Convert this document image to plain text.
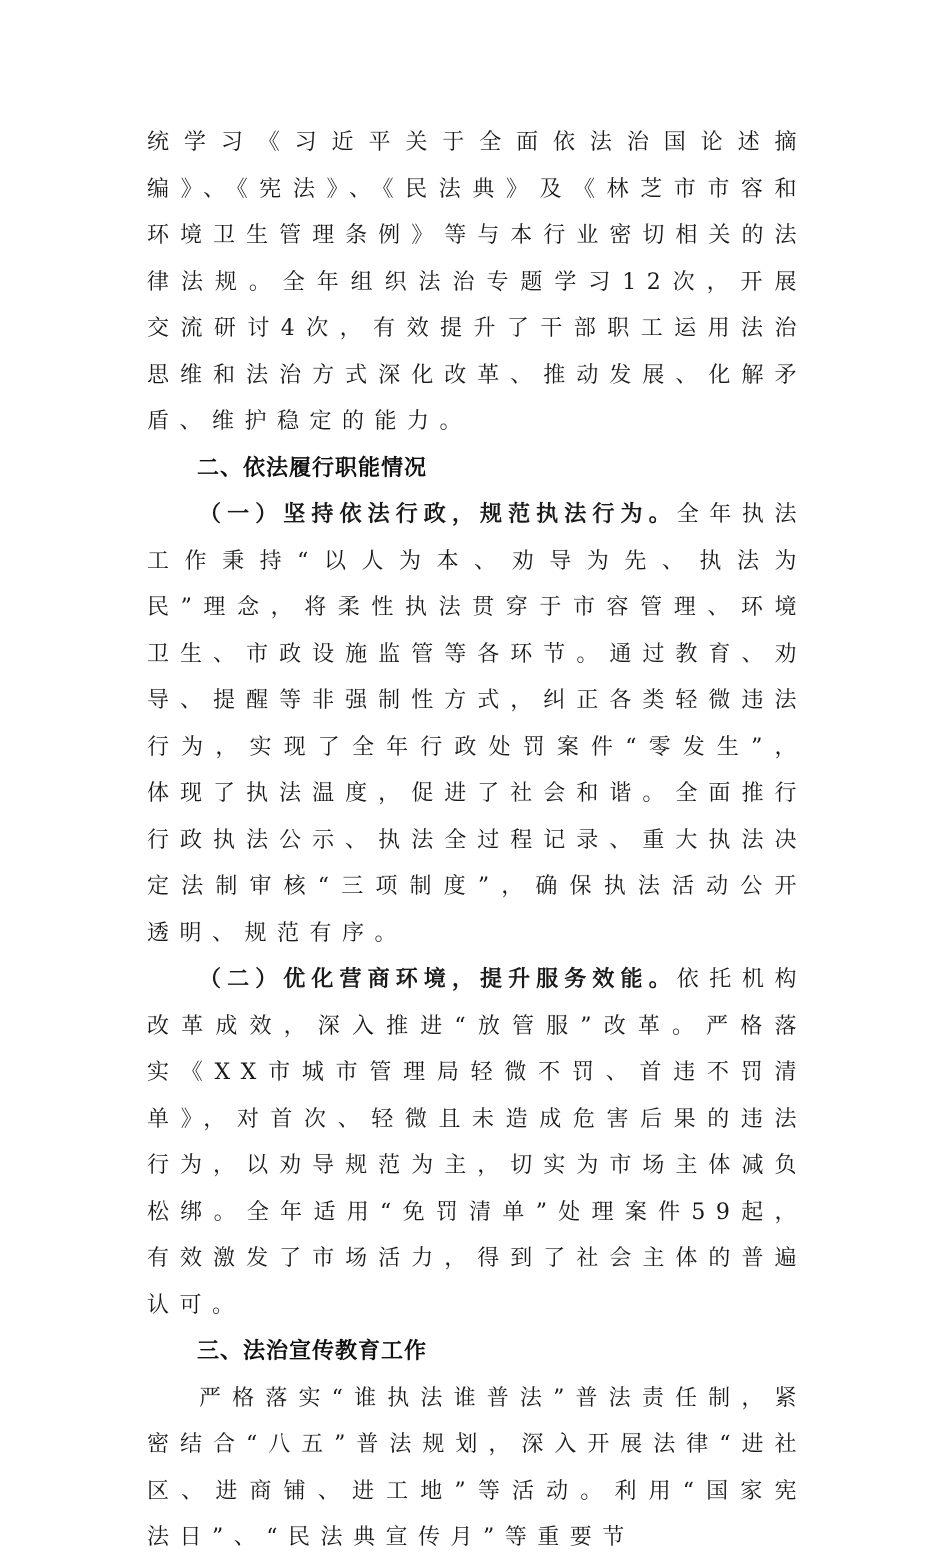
统学习《习近平关于全面依法治国论述摘编》、《宪法》、《民法典》及《林芝市市容和环境卫生管理条例》等与本行业密切相关的法律法规。全年组织法治专题学习12次，开展交流研讨4次，有效提升了干部职工运用法治思维和法治方式深化改革、推动发展、化解矛盾、维护稳定的能力。

二、依法履行职能情况

（一）坚持依法行政，规范执法行为。全年执法工作秉持“以人为本、劝导为先、执法为民”理念，将柔性执法贯穿于市容管理、环境卫生、市政设施监管等各环节。通过教育、劝导、提醒等非强制性方式，纠正各类轻微违法行为，实现了全年行政处罚案件“零发生”，体现了执法温度，促进了社会和谐。全面推行行政执法公示、执法全过程记录、重大执法决定法制审核“三项制度”，确保执法活动公开透明、规范有序。

（二）优化营商环境，提升服务效能。依托机构改革成效，深入推进“放管服”改革。严格落实《XX市城市管理局轻微不罚、首违不罚清单》，对首次、轻微且未造成危害后果的违法行为，以劝导规范为主，切实为市场主体减负松绑。全年适用“免罚清单”处理案件59起，有效激发了市场活力，得到了社会主体的普遍认可。

三、法治宣传教育工作

严格落实“谁执法谁普法”普法责任制，紧密结合“八五”普法规划，深入开展法律“进社区、进商铺、进工地”等活动。利用“国家宪法日”、“民法典宣传月”等重要节
